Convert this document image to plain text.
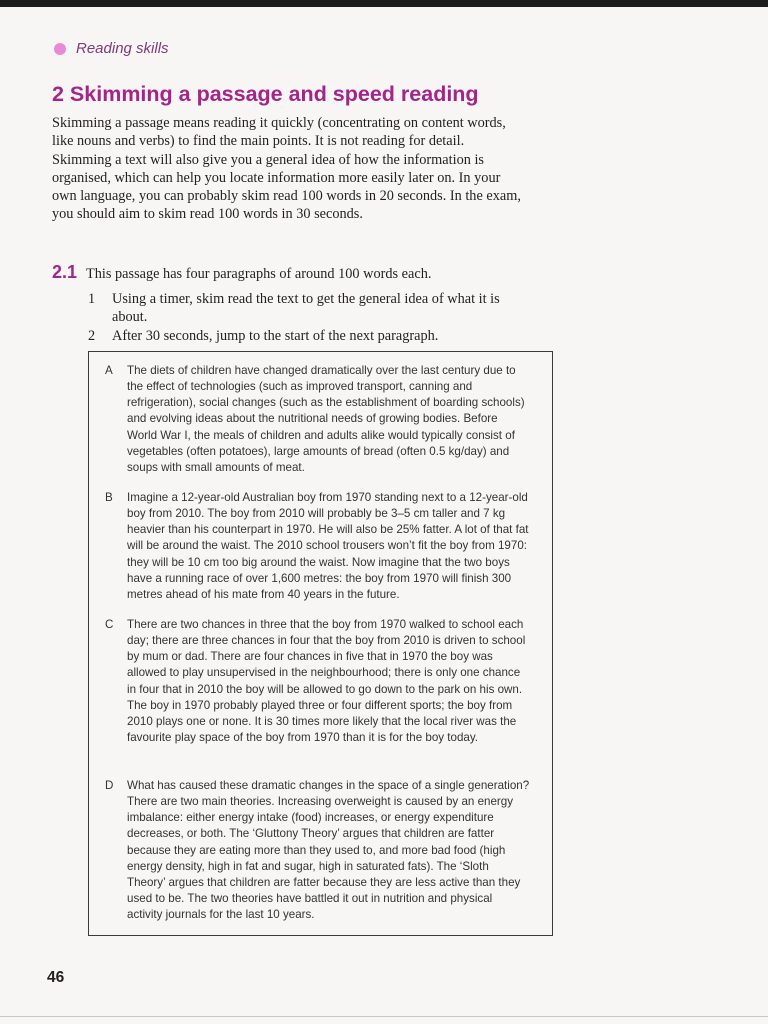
Reading skills
2 Skimming a passage and speed reading

Skimming a passage means reading it quickly (concentrating on content words, like nouns and verbs) to find the main points. It is not reading for detail. Skimming a text will also give you a general idea of how the information is organised, which can help you locate information more easily later on. In your own language, you can probably skim read 100 words in 20 seconds. In the exam, you should aim to skim read 100 words in 30 seconds.

2.1 This passage has four paragraphs of around 100 words each.
1	Using a timer, skim read the text to get the general idea of what it is about.
2	After 30 seconds, jump to the start of the next paragraph.
A	The diets of children have changed dramatically over the last century due to the effect of technologies (such as improved transport, canning and refrigeration), social changes (such as the establishment of boarding schools) and evolving ideas about the nutritional needs of growing bodies. Before World War I, the meals of children and adults alike would typically consist of vegetables (often potatoes), large amounts of bread (often 0.5 kg/day) and soups with small amounts of meat.

B	Imagine a 12-year-old Australian boy from 1970 standing next to a 12-year-old boy from 2010. The boy from 2010 will probably be 3–5 cm taller and 7 kg heavier than his counterpart in 1970. He will also be 25% fatter. A lot of that fat will be around the waist. The 2010 school trousers won’t fit the boy from 1970: they will be 10 cm too big around the waist. Now imagine that the two boys have a running race of over 1,600 metres: the boy from 1970 will finish 300 metres ahead of his mate from 40 years in the future.

C	There are two chances in three that the boy from 1970 walked to school each day; there are three chances in four that the boy from 2010 is driven to school by mum or dad. There are four chances in five that in 1970 the boy was allowed to play unsupervised in the neighbourhood; there is only one chance in four that in 2010 the boy will be allowed to go down to the park on his own. The boy in 1970 probably played three or four different sports; the boy from 2010 plays one or none. It is 30 times more likely that the local river was the favourite play space of the boy from 1970 than it is for the boy today.

D	What has caused these dramatic changes in the space of a single generation? There are two main theories. Increasing overweight is caused by an energy imbalance: either energy intake (food) increases, or energy expenditure decreases, or both. The ‘Gluttony Theory’ argues that children are fatter because they are eating more than they used to, and more bad food (high energy density, high in fat and sugar, high in saturated fats). The ‘Sloth Theory’ argues that children are fatter because they are less active than they used to be. The two theories have battled it out in nutrition and physical activity journals for the last 10 years.

46
